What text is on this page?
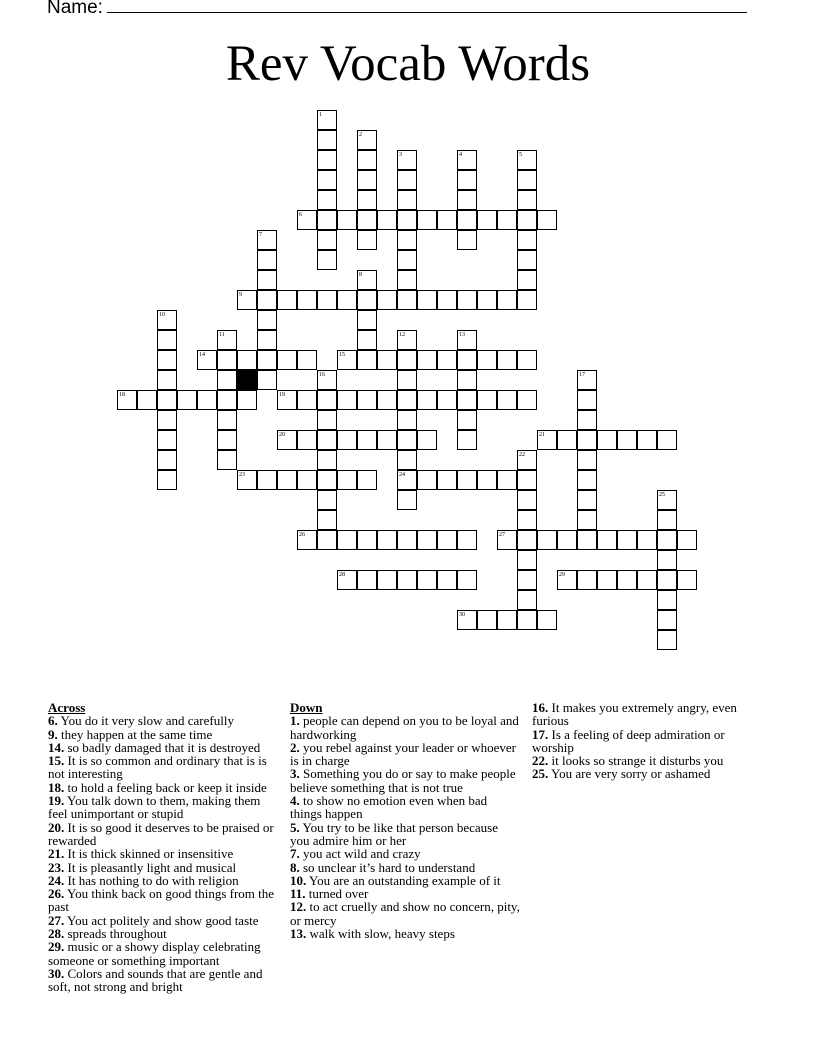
Name:
Rev Vocab Words
6
9
14	15
18	19
20	21
23	24
26	27
28	29
30
1
2
3	4	5
7
8
10
11	12	13
16	17
22
25
Across
6. You do it very slow and carefully
9. they happen at the same time
14. so badly damaged that it is destroyed
15. It is so common and ordinary that is is not interesting
18. to hold a feeling back or keep it inside
19. You talk down to them, making them feel unimportant or stupid
20. It is so good it deserves to be praised or rewarded
21. It is thick skinned or insensitive
23. It is pleasantly light and musical
24. It has nothing to do with religion
26. You think back on good things from the past
27. You act politely and show good taste
28. spreads throughout
29. music or a showy display celebrating someone or something important
30. Colors and sounds that are gentle and soft, not strong and bright
Down
1. people can depend on you to be loyal and hardworking
2. you rebel against your leader or whoever is in charge
3. Something you do or say to make people believe something that is not true
4. to show no emotion even when bad things happen
5. You try to be like that person because you admire him or her
7. you act wild and crazy
8. so unclear it’s hard to understand
10. You are an outstanding example of it
11. turned over
12. to act cruelly and show no concern, pity, or mercy
13. walk with slow, heavy steps
16. It makes you extremely angry, even furious
17. Is a feeling of deep admiration or worship
22. it looks so strange it disturbs you
25. You are very sorry or ashamed
